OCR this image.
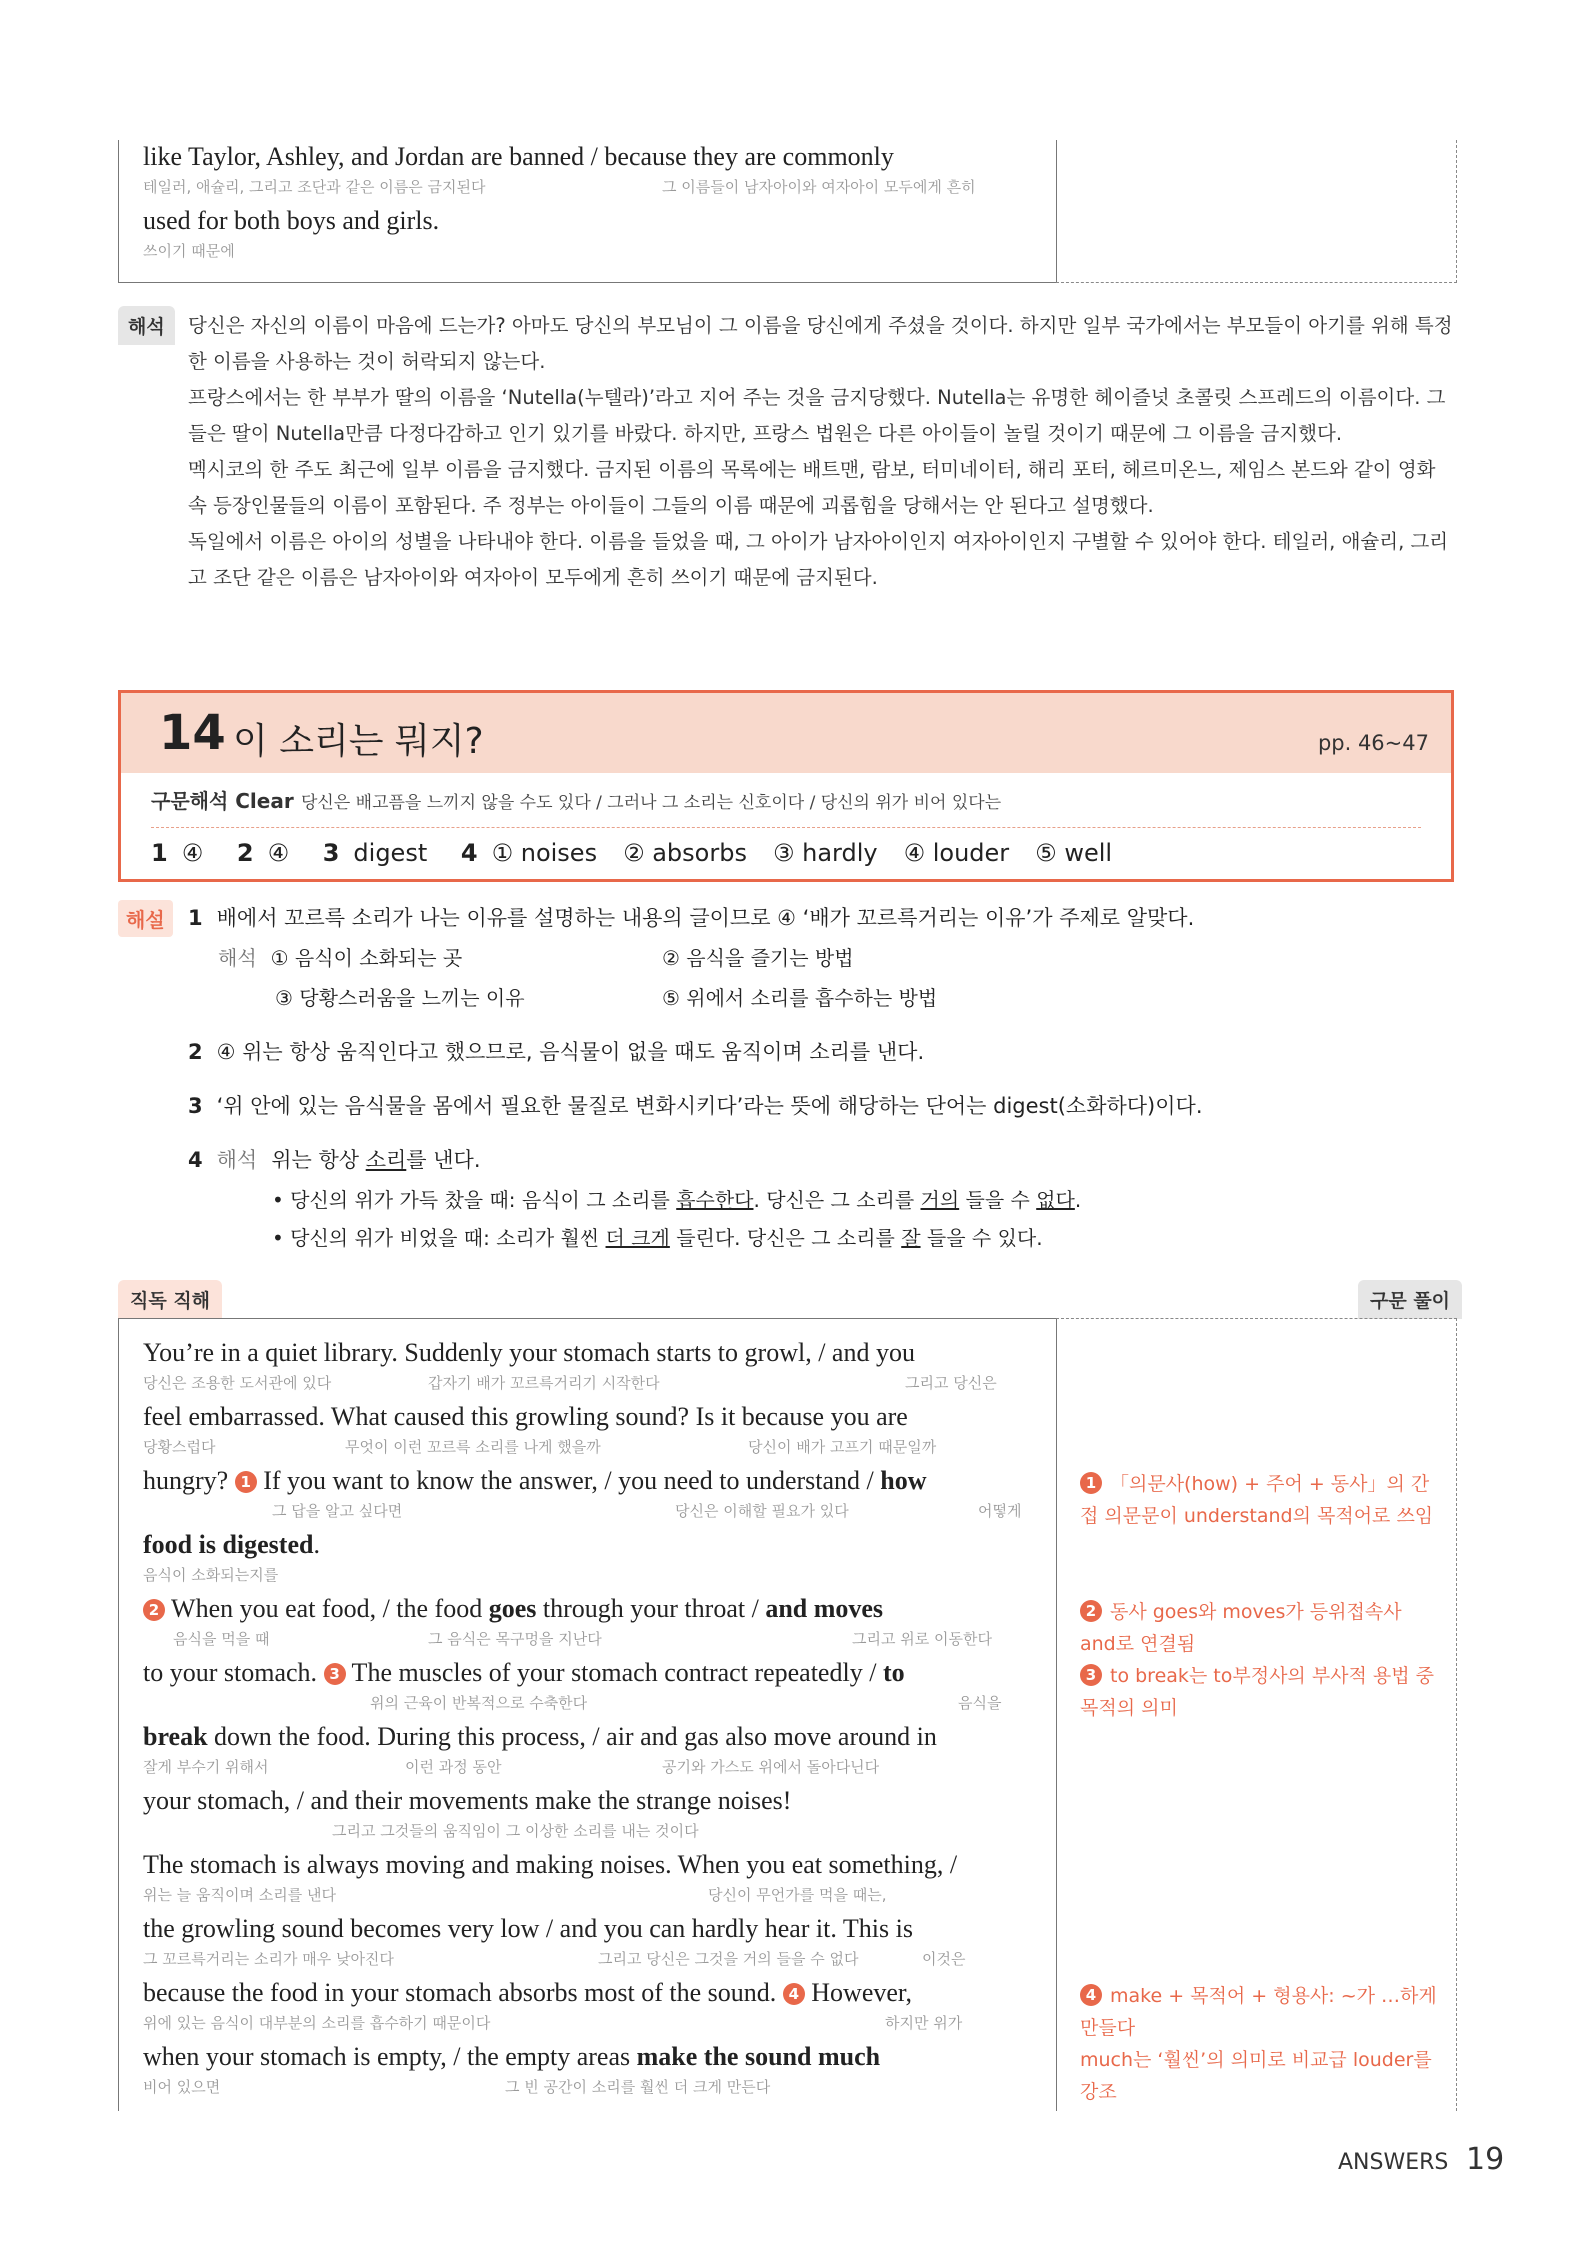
like Taylor, Ashley, and Jordan are banned / because they are commonly
테일러, 애슐리, 그리고 조단과 같은 이름은 금지된다	그 이름들이 남자아이와 여자아이 모두에게 흔히
used for both boys and girls.
쓰이기 때문에
해석	당신은 자신의 이름이 마음에 드는가? 아마도 당신의 부모님이 그 이름을 당신에게 주셨을 것이다. 하지만 일부 국가에서는 부모들이 아기를 위해 특정한 이름을 사용하는 것이 허락되지 않는다.

프랑스에서는 한 부부가 딸의 이름을 ‘Nutella(누텔라)’라고 지어 주는 것을 금지당했다. Nutella는 유명한 헤이즐넛 초콜릿 스프레드의 이름이다. 그들은 딸이 Nutella만큼 다정다감하고 인기 있기를 바랐다. 하지만, 프랑스 법원은 다른 아이들이 놀릴 것이기 때문에 그 이름을 금지했다.

멕시코의 한 주도 최근에 일부 이름을 금지했다. 금지된 이름의 목록에는 배트맨, 람보, 터미네이터, 해리 포터, 헤르미온느, 제임스 본드와 같이 영화 속 등장인물들의 이름이 포함된다. 주 정부는 아이들이 그들의 이름 때문에 괴롭힘을 당해서는 안 된다고 설명했다.

독일에서 이름은 아이의 성별을 나타내야 한다. 이름을 들었을 때, 그 아이가 남자아이인지 여자아이인지 구별할 수 있어야 한다. 테일러, 애슐리, 그리고 조단 같은 이름은 남자아이와 여자아이 모두에게 흔히 쓰이기 때문에 금지된다.

14 이 소리는 뭐지?	pp. 46~47
구문해석 Clear 당신은 배고픔을 느끼지 않을 수도 있다 / 그러나 그 소리는 신호이다 / 당신의 위가 비어 있다는
1 ④ 2 ④ 3 digest 4 ① noises ② absorbs ③ hardly ④ louder ⑤ well
해설	1 배에서 꼬르륵 소리가 나는 이유를 설명하는 내용의 글이므로 ④ ‘배가 꼬르륵거리는 이유’가 주제로 알맞다.
해석 ① 음식이 소화되는 곳	② 음식을 즐기는 방법
③ 당황스러움을 느끼는 이유	⑤ 위에서 소리를 흡수하는 방법
2 ④ 위는 항상 움직인다고 했으므로, 음식물이 없을 때도 움직이며 소리를 낸다.
3 ‘위 안에 있는 음식물을 몸에서 필요한 물질로 변화시키다’라는 뜻에 해당하는 단어는 digest(소화하다)이다.
4 해석 위는 항상 소리를 낸다.
• 당신의 위가 가득 찼을 때: 음식이 그 소리를 흡수한다. 당신은 그 소리를 거의 들을 수 없다.
• 당신의 위가 비었을 때: 소리가 훨씬 더 크게 들린다. 당신은 그 소리를 잘 들을 수 있다.
직독 직해	구문 풀이
You’re in a quiet library. Suddenly your stomach starts to growl, / and you
당신은 조용한 도서관에 있다	갑자기 배가 꼬르륵거리기 시작한다	그리고 당신은
feel embarrassed. What caused this growling sound? Is it because you are
당황스럽다	무엇이 이런 꼬르륵 소리를 나게 했을까	당신이 배가 고프기 때문일까
hungry? 1 If you want to know the answer, / you need to understand / how
그 답을 알고 싶다면	당신은 이해할 필요가 있다	어떻게
food is digested.
음식이 소화되는지를
2 When you eat food, / the food goes through your throat / and moves
음식을 먹을 때	그 음식은 목구멍을 지난다	그리고 위로 이동한다
to your stomach. 3 The muscles of your stomach contract repeatedly / to
위의 근육이 반복적으로 수축한다	음식을
break down the food. During this process, / air and gas also move around in
잘게 부수기 위해서	이런 과정 동안	공기와 가스도 위에서 돌아다닌다
your stomach, / and their movements make the strange noises!
그리고 그것들의 움직임이 그 이상한 소리를 내는 것이다
The stomach is always moving and making noises. When you eat something, /
위는 늘 움직이며 소리를 낸다	당신이 무언가를 먹을 때는,
the growling sound becomes very low / and you can hardly hear it. This is
그 꼬르륵거리는 소리가 매우 낮아진다	그리고 당신은 그것을 거의 들을 수 없다	이것은
because the food in your stomach absorbs most of the sound. 4 However,
위에 있는 음식이 대부분의 소리를 흡수하기 때문이다	하지만 위가
when your stomach is empty, / the empty areas make the sound much
비어 있으면	그 빈 공간이 소리를 훨씬 더 크게 만든다
1 「의문사(how) + 주어 + 동사」의 간접 의문문이 understand의 목적어로 쓰임
2 동사 goes와 moves가 등위접속사 and로 연결됨
3 to break는 to부정사의 부사적 용법 중 목적의 의미
4 make + 목적어 + 형용사: ~가 …하게 만들다
much는 ‘훨씬’의 의미로 비교급 louder를 강조
ANSWERS 19
